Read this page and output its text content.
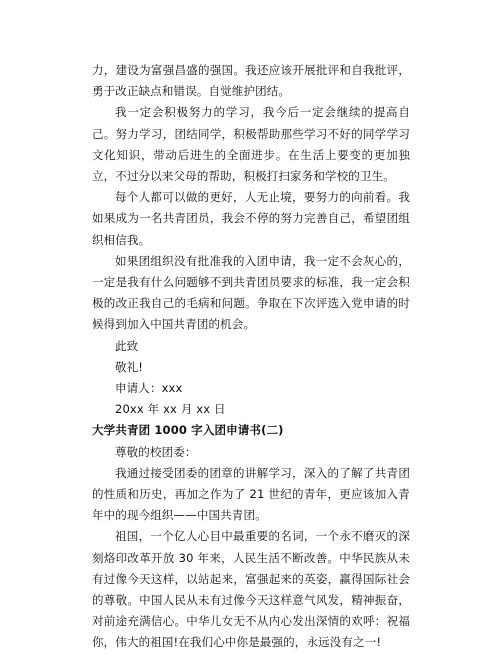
力，建设为富强昌盛的强国。我还应该开展批评和自我批评，勇于改正缺点和错误。自觉维护团结。

我一定会积极努力的学习，我今后一定会继续的提高自己。努力学习，团结同学，积极帮助那些学习不好的同学学习文化知识，带动后进生的全面进步。在生活上要变的更加独立，不过分以来父母的帮助，积极打扫家务和学校的卫生。

每个人都可以做的更好，人无止境，要努力的向前看。我如果成为一名共青团员，我会不停的努力完善自己，希望团组织相信我。

如果团组织没有批准我的入团申请，我一定不会灰心的，一定是我有什么问题够不到共青团员要求的标准，我一定会积极的改正我自己的毛病和问题。争取在下次评选入党申请的时候得到加入中国共青团的机会。

此致

敬礼!

申请人：xxx

20xx 年 xx 月 xx 日

大学共青团 1000 字入团申请书(二)

尊敬的校团委：

我通过接受团委的团章的讲解学习，深入的了解了共青团的性质和历史，再加之作为了 21 世纪的青年，更应该加入青年中的现今组织——中国共青团。

祖国，一个亿人心目中最重要的名词，一个永不磨灭的深刻烙印改革开放 30 年来，人民生活不断改善。中华民族从未有过像今天这样，以站起来，富强起来的英姿，赢得国际社会的尊敬。中国人民从未有过像今天这样意气风发，精神振奋，对前途充满信心。中华儿女无不从内心发出深情的欢呼：祝福你，伟大的祖国!在我们心中你是最强的，永远没有之一!
